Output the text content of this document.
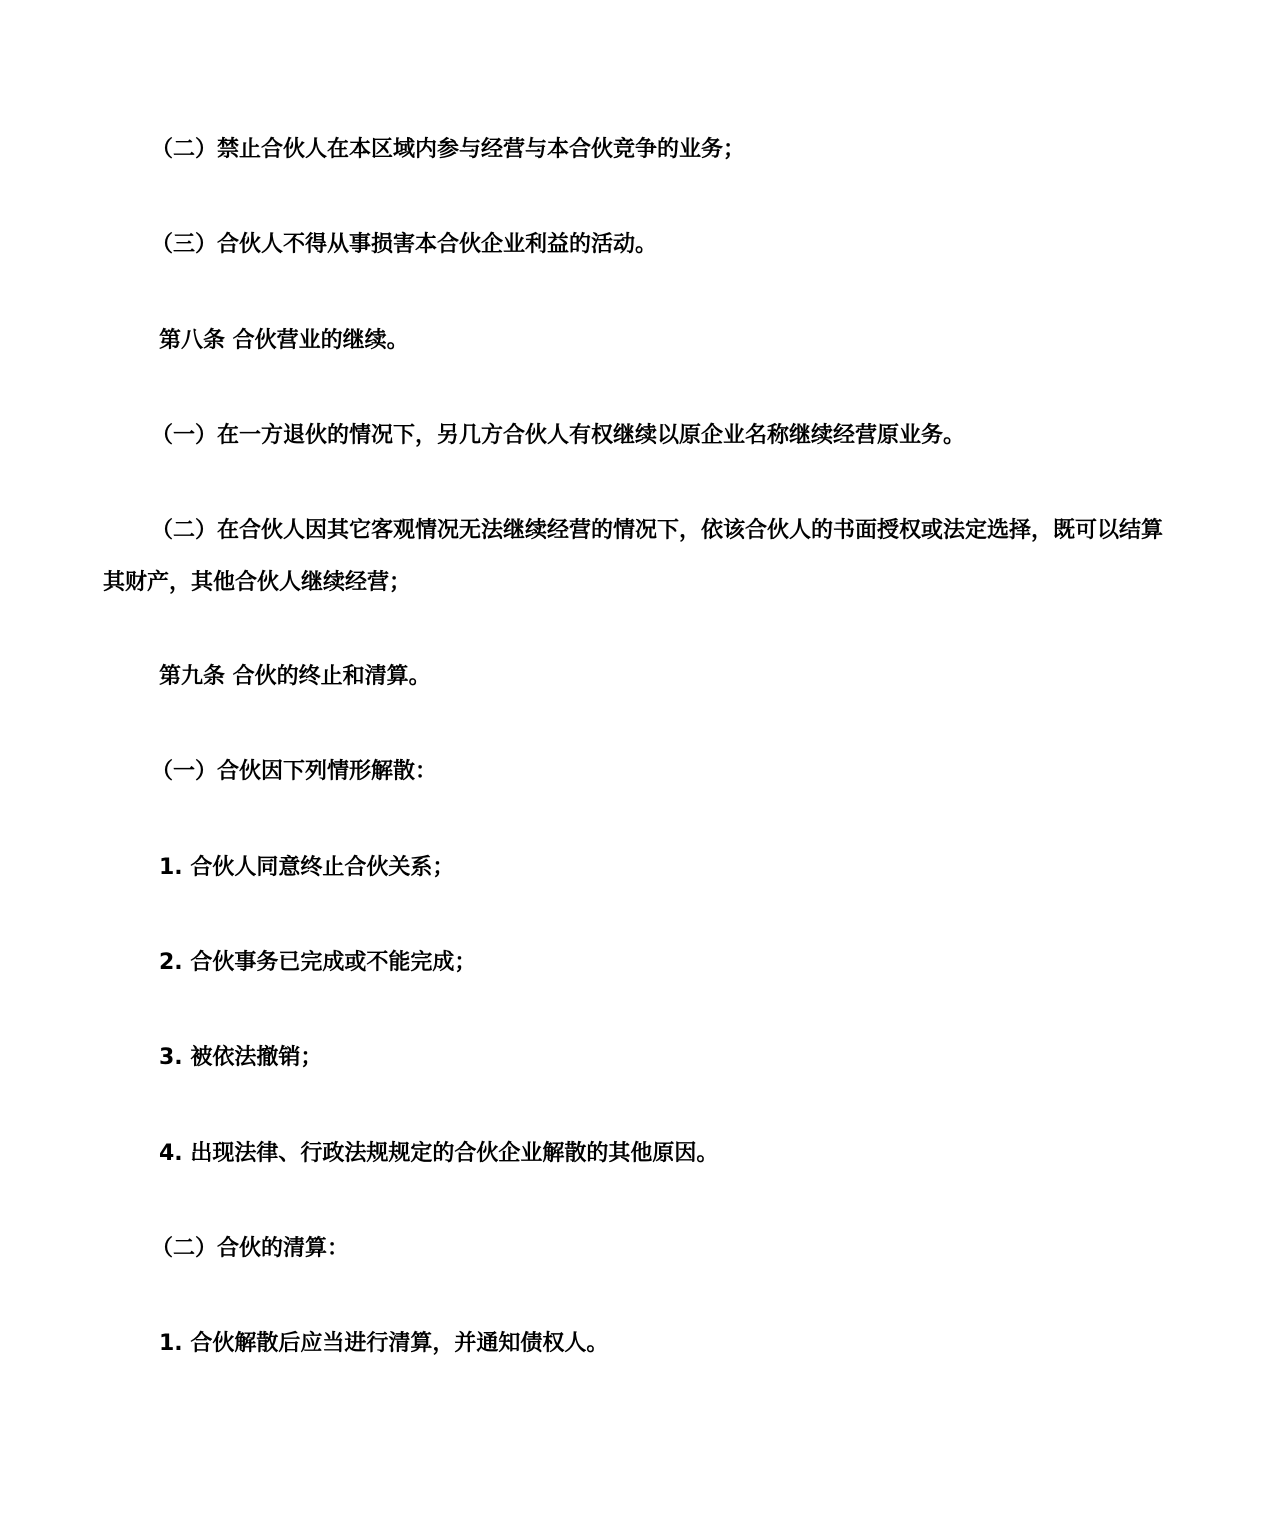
（二）禁止合伙人在本区域内参与经营与本合伙竞争的业务；
（三）合伙人不得从事损害本合伙企业利益的活动。
第八条 合伙营业的继续。
（一）在一方退伙的情况下，另几方合伙人有权继续以原企业名称继续经营原业务。
（二）在合伙人因其它客观情况无法继续经营的情况下，依该合伙人的书面授权或法定选择，既可以结算其财产，其他合伙人继续经营；
第九条 合伙的终止和清算。
（一）合伙因下列情形解散：
1. 合伙人同意终止合伙关系；
2. 合伙事务已完成或不能完成；
3. 被依法撤销；
4. 出现法律、行政法规规定的合伙企业解散的其他原因。
（二）合伙的清算：
1. 合伙解散后应当进行清算，并通知债权人。
